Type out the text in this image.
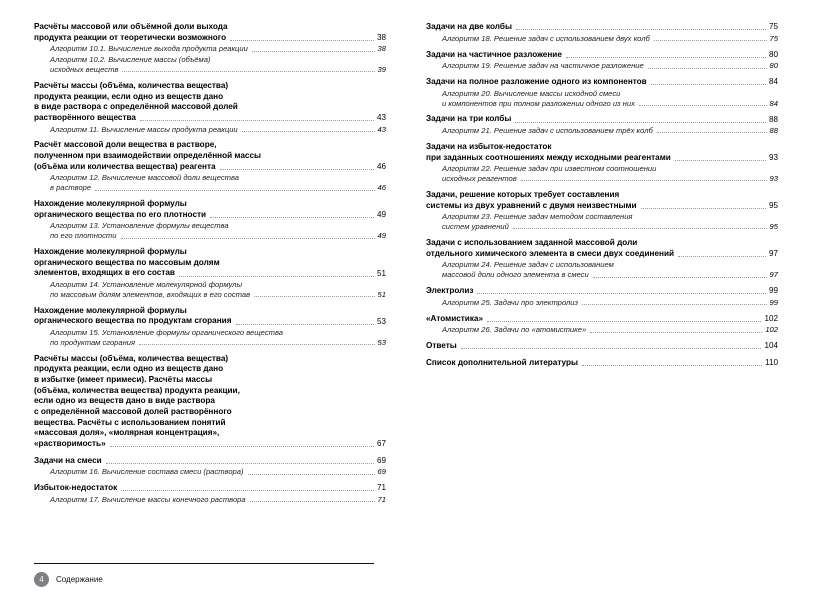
Расчёты массовой или объёмной доли выхода
продукта реакции от теоретически возможного	38
Алгоритм 10.1. Вычисление выхода продукта реакции	38
Алгоритм 10.2. Вычисление массы (объёма)
исходных веществ	39
Расчёты массы (объёма, количества вещества)
продукта реакции, если одно из веществ дано
в виде раствора с определённой массовой долей
растворённого вещества	43
Алгоритм 11. Вычисление массы продукта реакции	43
Расчёт массовой доли вещества в растворе,
полученном при взаимодействии определённой массы
(объёма или количества вещества) реагента	46
Алгоритм 12. Вычисление массовой доли вещества
в растворе	46
Нахождение молекулярной формулы
органического вещества по его плотности	49
Алгоритм 13. Установление формулы вещества
по его плотности	49
Нахождение молекулярной формулы
органического вещества по массовым долям
элементов, входящих в его состав	51
Алгоритм 14. Установление молекулярной формулы
по массовым долям элементов, входящих в его состав	51
Нахождение молекулярной формулы
органического вещества по продуктам сгорания	53
Алгоритм 15. Установление формулы органического вещества
по продуктам сгорания	53
Расчёты массы (объёма, количества вещества)
продукта реакции, если одно из веществ дано
в избытке (имеет примеси). Расчёты массы
(объёма, количества вещества) продукта реакции,
если одно из веществ дано в виде раствора
с определённой массовой долей растворённого
вещества. Расчёты с использованием понятий
«массовая доля», «молярная концентрация»,
«растворимость»	67
Задачи на смеси	69
Алгоритм 16. Вычисление состава смеси (раствора)	69
Избыток-недостаток	71
Алгоритм 17. Вычисление массы конечного раствора	71
Задачи на две колбы	75
Алгоритм 18. Решение задач с использованием двух колб	75
Задачи на частичное разложение	80
Алгоритм 19. Решение задач на частичное разложение	80
Задачи на полное разложение одного из компонентов	84
Алгоритм 20. Вычисление массы исходной смеси
и компонентов при полном разложении одного из них	84
Задачи на три колбы	88
Алгоритм 21. Решение задач с использованием трёх колб	88
Задачи на избыток-недостаток
при заданных соотношениях между исходными реагентами	93
Алгоритм 22. Решение задач при известном соотношении
исходных реагентов	93
Задачи, решение которых требует составления
системы из двух уравнений с двумя неизвестными	95
Алгоритм 23. Решение задач методом составления
систем уравнений	95
Задачи с использованием заданной массовой доли
отдельного химического элемента в смеси двух соединений	97
Алгоритм 24. Решение задач с использованием
массовой доли одного элемента в смеси	97
Электролиз	99
Алгоритм 25. Задачи про электролиз	99
«Атомистика»	102
Алгоритм 26. Задачи по «атомистике»	102
Ответы	104
Список дополнительной литературы	110
4	Содержание
